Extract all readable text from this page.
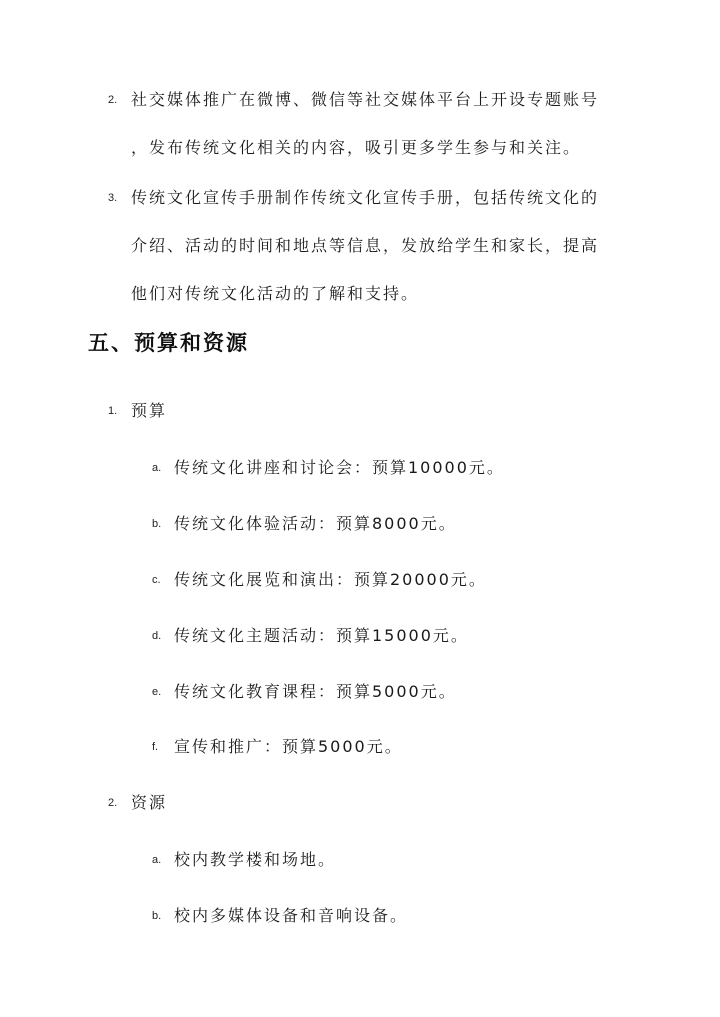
2. 社交媒体推广在微博、微信等社交媒体平台上开设专题账号
，发布传统文化相关的内容，吸引更多学生参与和关注。
3. 传统文化宣传手册制作传统文化宣传手册，包括传统文化的
介绍、活动的时间和地点等信息，发放给学生和家长，提高
他们对传统文化活动的了解和支持。
五、预算和资源
1. 预算
a. 传统文化讲座和讨论会：预算10000元。
b. 传统文化体验活动：预算8000元。
c. 传统文化展览和演出：预算20000元。
d. 传统文化主题活动：预算15000元。
e. 传统文化教育课程：预算5000元。
f. 宣传和推广：预算5000元。
2. 资源
a. 校内教学楼和场地。
b. 校内多媒体设备和音响设备。
